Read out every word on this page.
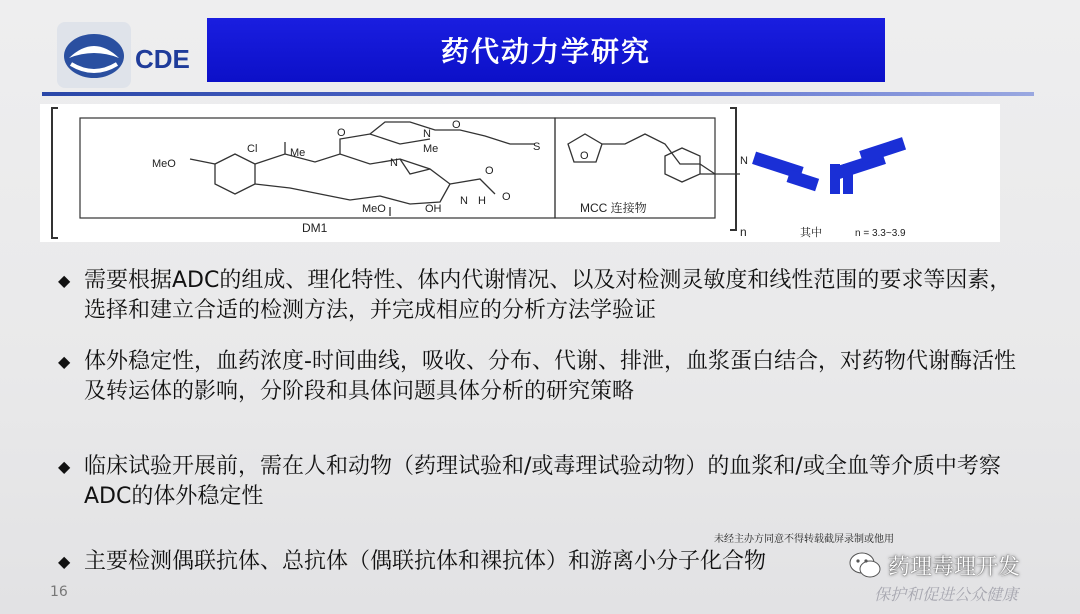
CDE	药代动力学研究
MeO
Cl	Me
O	N
Me
O
S
N
O
O
N
MeO	OH
H
O
DM1
MCC 连接物
N
n	其中	n = 3.3~3.9
◆ 需要根据ADC的组成、理化特性、体内代谢情况、以及对检测灵敏度和线性范围的要求等因素，选择和建立合适的检测方法，并完成相应的分析方法学验证
◆ 体外稳定性，血药浓度-时间曲线，吸收、分布、代谢、排泄，血浆蛋白结合，对药物代谢酶活性及转运体的影响，分阶段和具体问题具体分析的研究策略
◆ 临床试验开展前，需在人和动物（药理试验和/或毒理试验动物）的血浆和/或全血等介质中考察ADC的体外稳定性
◆ 主要检测偶联抗体、总抗体（偶联抗体和裸抗体）和游离小分子化合物
未经主办方同意不得转载截屏录制或他用
16
药理毒理开发
保护和促进公众健康
